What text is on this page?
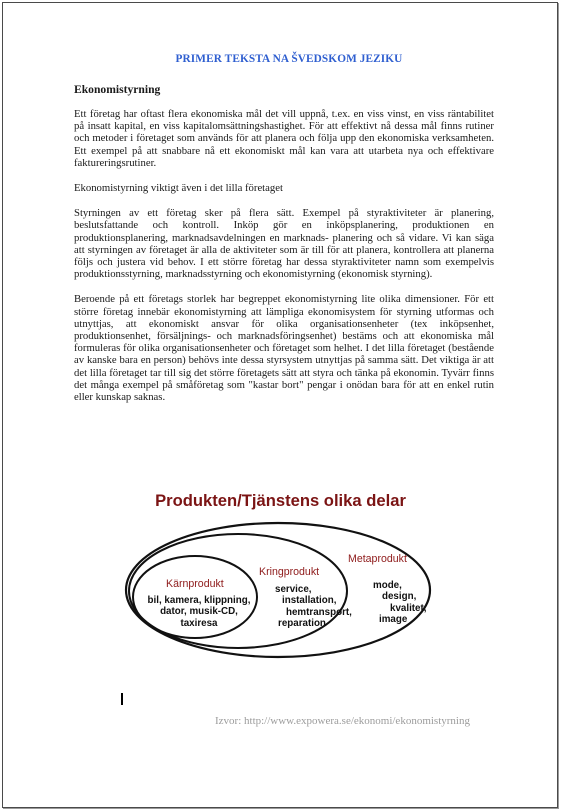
PRIMER TEKSTA NA ŠVEDSKOM JEZIKU
Ekonomistyrning

Ett företag har oftast flera ekonomiska mål det vill uppnå, t.ex. en viss vinst, en viss räntabilitet på insatt kapital, en viss kapitalomsättningshastighet. För att effektivt nå dessa mål finns rutiner och metoder i företaget som används för att planera och följa upp den ekonomiska verksamheten. Ett exempel på att snabbare nå ett ekonomiskt mål kan vara att utarbeta nya och effektivare faktureringsrutiner.

Ekonomistyrning viktigt även i det lilla företaget

Styrningen av ett företag sker på flera sätt. Exempel på styraktiviteter är planering, beslutsfattande och kontroll. Inköp gör en inköpsplanering, produktionen en produktionsplanering, marknadsavdelningen en marknads- planering och så vidare. Vi kan säga att styrningen av företaget är alla de aktiviteter som är till för att planera, kontrollera att planerna följs och justera vid behov. I ett större företag har dessa styraktiviteter namn som exempelvis produktionsstyrning, marknadsstyrning och ekonomistyrning (ekonomisk styrning).

Beroende på ett företags storlek har begreppet ekonomistyrning lite olika dimensioner. För ett större företag innebär ekonomistyrning att lämpliga ekonomisystem för styrning utformas och utnyttjas, att ekonomiskt ansvar för olika organisationsenheter (tex inköpsenhet, produktionsenhet, försäljnings- och marknadsföringsenhet) bestäms och att ekonomiska mål formuleras för olika organisationsenheter och företaget som helhet. I det lilla företaget (bestående av kanske bara en person) behövs inte dessa styrsystem utnyttjas på samma sätt. Det viktiga är att det lilla företaget tar till sig det större företagets sätt att styra och tänka på ekonomin. Tyvärr finns det många exempel på småföretag som "kastar bort" pengar i onödan bara för att en enkel rutin eller kunskap saknas.

Produkten/Tjänstens olika delar
Kärnprodukt
bil, kamera, klippning,
dator, musik-CD,
taxiresa
Kringprodukt
service,
installation,
hemtransport,
reparation
Metaprodukt
mode,
design,
kvalitet,
image
Izvor: http://www.expowera.se/ekonomi/ekonomistyrning
